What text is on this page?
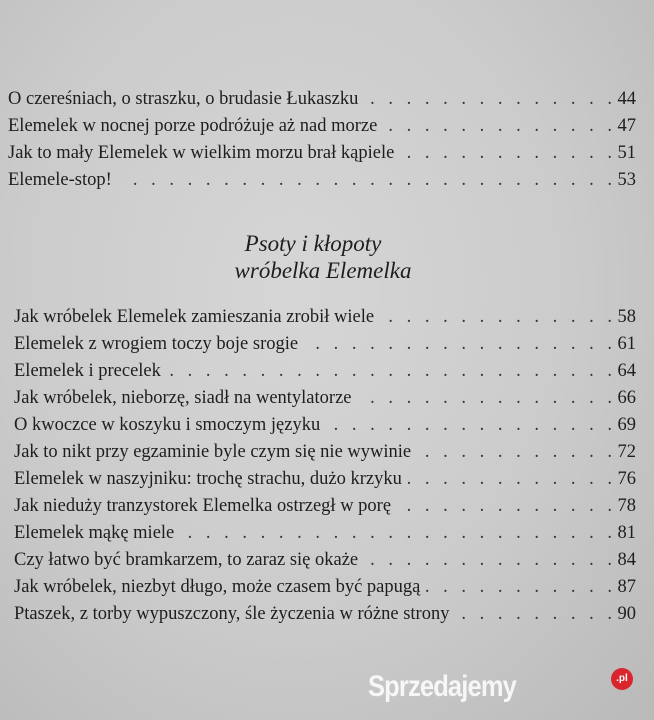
O czereśniach, o straszku, o brudasie Łukaszku . . .	44
Elemelek w nocnej porze podróżuje aż nad morze . . .	47
Jak to mały Elemelek w wielkim morzu brał kąpiele . . .	51
Elemele-stop! . . .	53
Psoty i kłopoty
wróbelka Elemelka
Jak wróbelek Elemelek zamieszania zrobił wiele . . .	58
Elemelek z wrogiem toczy boje srogie . . .	61
Elemelek i precelek . . .	64
Jak wróbelek, nieborzę, siadł na wentylatorze . . .	66
O kwoczce w koszyku i smoczym języku . . .	69
Jak to nikt przy egzaminie byle czym się nie wywinie . . .	72
Elemelek w naszyjniku: trochę strachu, dużo krzyku . . .	76
Jak nieduży tranzystorek Elemelka ostrzegł w porę . . .	78
Elemelek mąkę miele . . .	81
Czy łatwo być bramkarzem, to zaraz się okaże . . .	84
Jak wróbelek, niezbyt długo, może czasem być papugą . . .	87
Ptaszek, z torby wypuszczony, śle życzenia w różne strony . . .	90
Sprzedajemy	.pl
